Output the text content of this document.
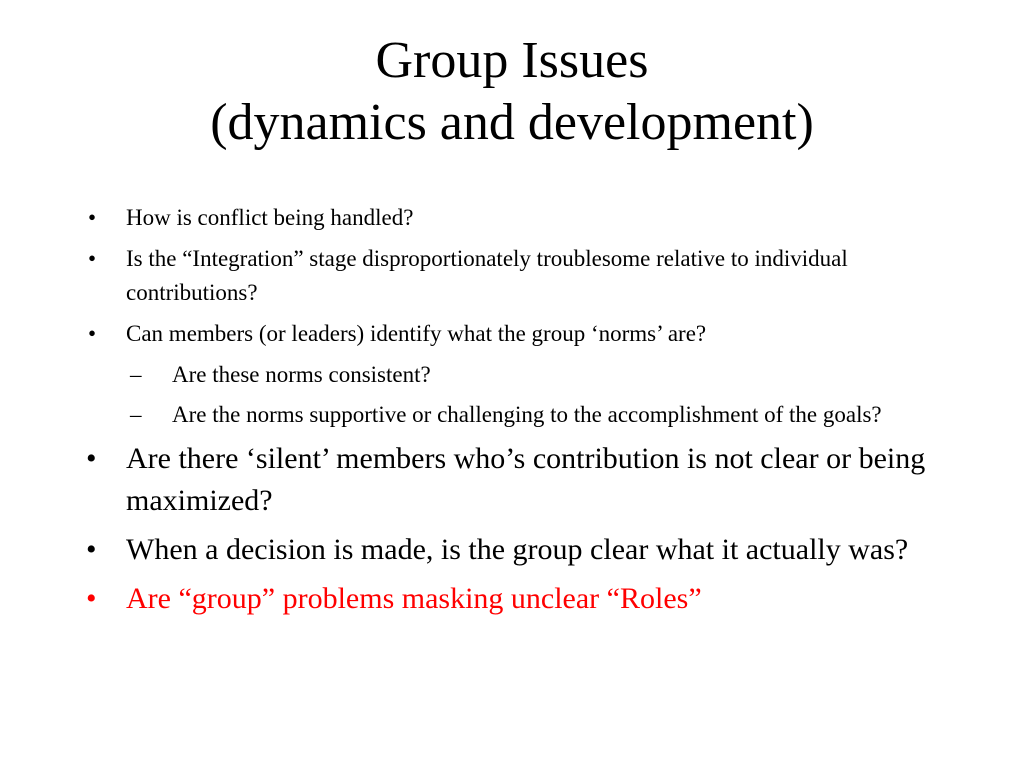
Group Issues
(dynamics and development)
• How is conflict being handled?
• Is the “Integration” stage disproportionately troublesome relative to individual contributions?
• Can members (or leaders) identify what the group ‘norms’ are?
– Are these norms consistent?
– Are the norms supportive or challenging to the accomplishment of the goals?
• Are there ‘silent’ members who’s contribution is not clear or being maximized?
• When a decision is made, is the group clear what it actually was?
• Are “group” problems masking unclear “Roles”
